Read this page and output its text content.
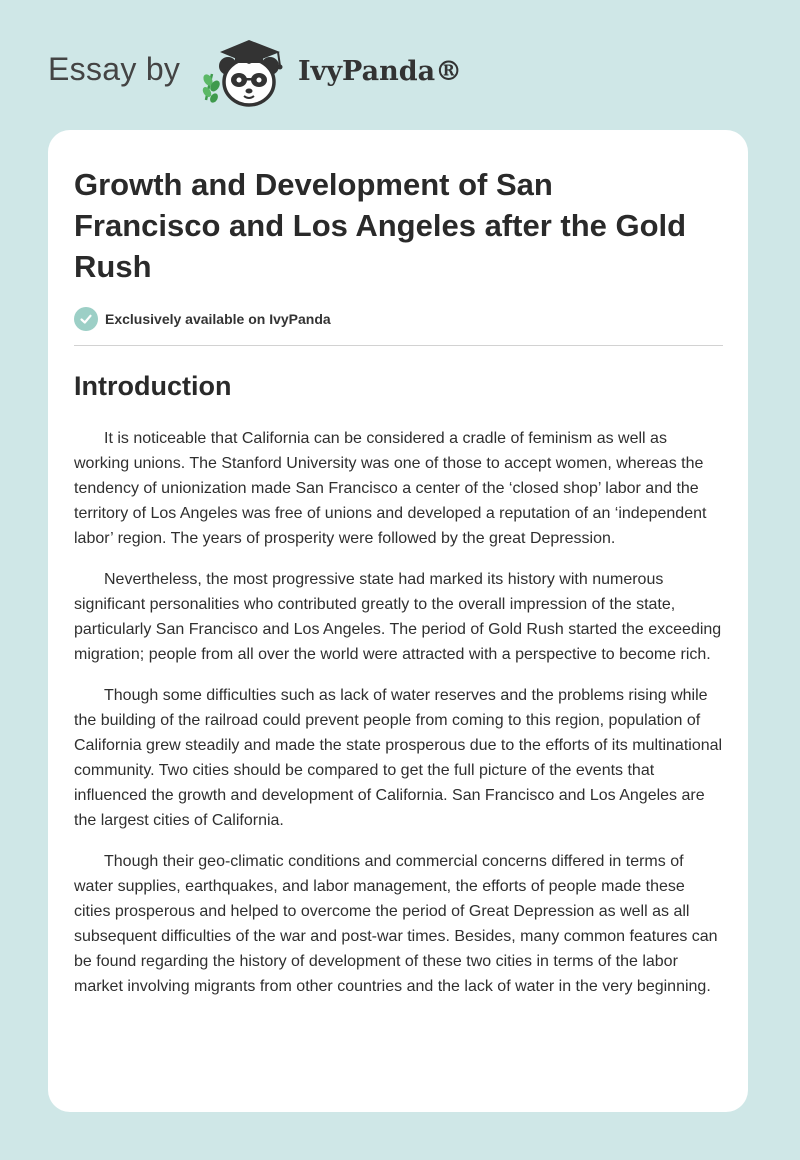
Essay by	IvyPanda®
Growth and Development of San Francisco and Los Angeles after the Gold Rush
Exclusively available on IvyPanda
Introduction

It is noticeable that California can be considered a cradle of feminism as well as working unions. The Stanford University was one of those to accept women, whereas the tendency of unionization made San Francisco a center of the ‘closed shop’ labor and the territory of Los Angeles was free of unions and developed a reputation of an ‘independent labor’ region. The years of prosperity were followed by the great Depression.

Nevertheless, the most progressive state had marked its history with numerous significant personalities who contributed greatly to the overall impression of the state, particularly San Francisco and Los Angeles. The period of Gold Rush started the exceeding migration; people from all over the world were attracted with a perspective to become rich.

Though some difficulties such as lack of water reserves and the problems rising while the building of the railroad could prevent people from coming to this region, population of California grew steadily and made the state prosperous due to the efforts of its multinational community. Two cities should be compared to get the full picture of the events that influenced the growth and development of California. San Francisco and Los Angeles are the largest cities of California.

Though their geo-climatic conditions and commercial concerns differed in terms of water supplies, earthquakes, and labor management, the efforts of people made these cities prosperous and helped to overcome the period of Great Depression as well as all subsequent difficulties of the war and post-war times. Besides, many common features can be found regarding the history of development of these two cities in terms of the labor market involving migrants from other countries and the lack of water in the very beginning.
